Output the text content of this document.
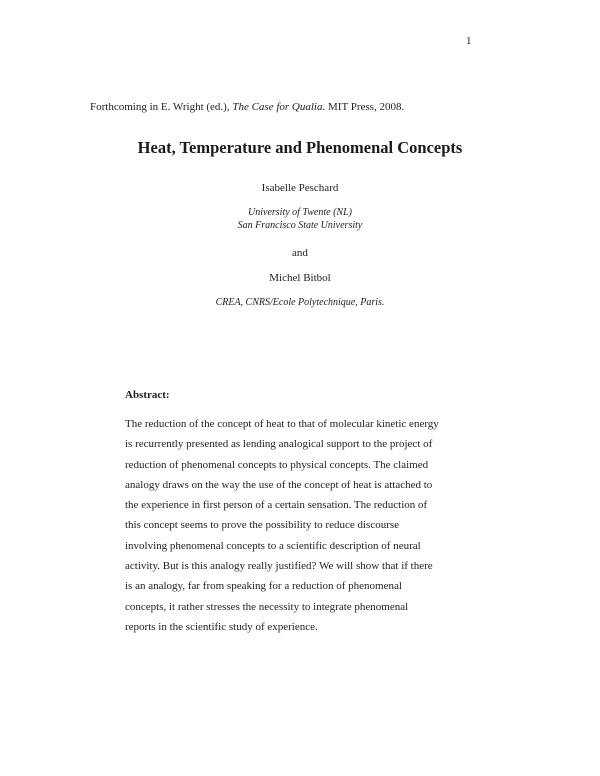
1
Forthcoming in E. Wright (ed.), The Case for Qualia. MIT Press, 2008.
Heat, Temperature and Phenomenal Concepts
Isabelle Peschard
University of Twente (NL)
San Francisco State University
and
Michel Bitbol
CREA, CNRS/Ecole Polytechnique, Paris.
Abstract:
The reduction of the concept of heat to that of molecular kinetic energy
is recurrently presented as lending analogical support to the project of
reduction of phenomenal concepts to physical concepts. The claimed
analogy draws on the way the use of the concept of heat is attached to
the experience in first person of a certain sensation. The reduction of
this concept seems to prove the possibility to reduce discourse
involving phenomenal concepts to a scientific description of neural
activity. But is this analogy really justified? We will show that if there
is an analogy, far from speaking for a reduction of phenomenal
concepts, it rather stresses the necessity to integrate phenomenal
reports in the scientific study of experience.
